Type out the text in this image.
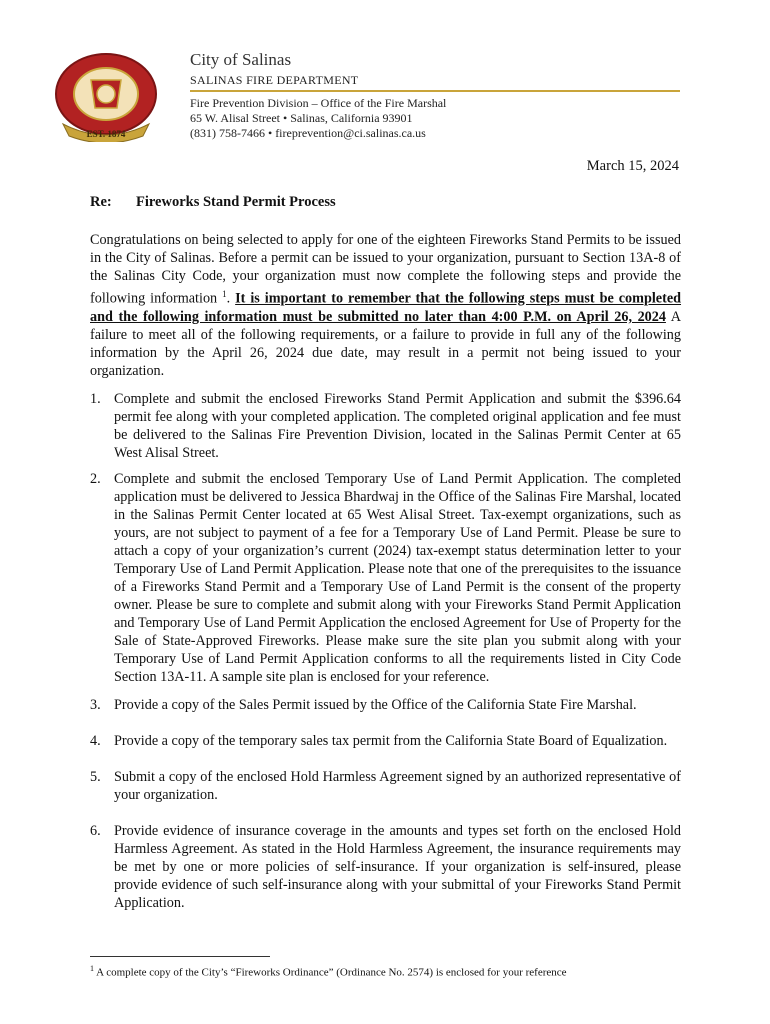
EST. 1874
City of Salinas
SALINAS FIRE DEPARTMENT
Fire Prevention Division – Office of the Fire Marshal
65 W. Alisal Street • Salinas, California 93901
(831) 758-7466 • fireprevention@ci.salinas.ca.us
March 15, 2024
Re: Fireworks Stand Permit Process
Congratulations on being selected to apply for one of the eighteen Fireworks Stand Permits to be issued in the City of Salinas. Before a permit can be issued to your organization, pursuant to Section 13A-8 of the Salinas City Code, your organization must now complete the following steps and provide the following information $^1$. It is important to remember that the following steps must be completed and the following information must be submitted no later than 4:00 P.M. on April 26, 2024 A failure to meet all of the following requirements, or a failure to provide in full any of the following information by the April 26, 2024 due date, may result in a permit not being issued to your organization.
1. Complete and submit the enclosed Fireworks Stand Permit Application and submit the $396.64 permit fee along with your completed application. The completed original application and fee must be delivered to the Salinas Fire Prevention Division, located in the Salinas Permit Center at 65 West Alisal Street.
2. Complete and submit the enclosed Temporary Use of Land Permit Application. The completed application must be delivered to Jessica Bhardwaj in the Office of the Salinas Fire Marshal, located in the Salinas Permit Center located at 65 West Alisal Street. Tax-exempt organizations, such as yours, are not subject to payment of a fee for a Temporary Use of Land Permit. Please be sure to attach a copy of your organization’s current (2024) tax-exempt status determination letter to your Temporary Use of Land Permit Application. Please note that one of the prerequisites to the issuance of a Fireworks Stand Permit and a Temporary Use of Land Permit is the consent of the property owner. Please be sure to complete and submit along with your Fireworks Stand Permit Application and Temporary Use of Land Permit Application the enclosed Agreement for Use of Property for the Sale of State-Approved Fireworks. Please make sure the site plan you submit along with your Temporary Use of Land Permit Application conforms to all the requirements listed in City Code Section 13A-11. A sample site plan is enclosed for your reference.
3. Provide a copy of the Sales Permit issued by the Office of the California State Fire Marshal.
4. Provide a copy of the temporary sales tax permit from the California State Board of Equalization.
5. Submit a copy of the enclosed Hold Harmless Agreement signed by an authorized representative of your organization.
6. Provide evidence of insurance coverage in the amounts and types set forth on the enclosed Hold Harmless Agreement. As stated in the Hold Harmless Agreement, the insurance requirements may be met by one or more policies of self-insurance. If your organization is self-insured, please provide evidence of such self-insurance along with your submittal of your Fireworks Stand Permit Application.
$^1$ A complete copy of the City’s “Fireworks Ordinance” (Ordinance No. 2574) is enclosed for your reference
